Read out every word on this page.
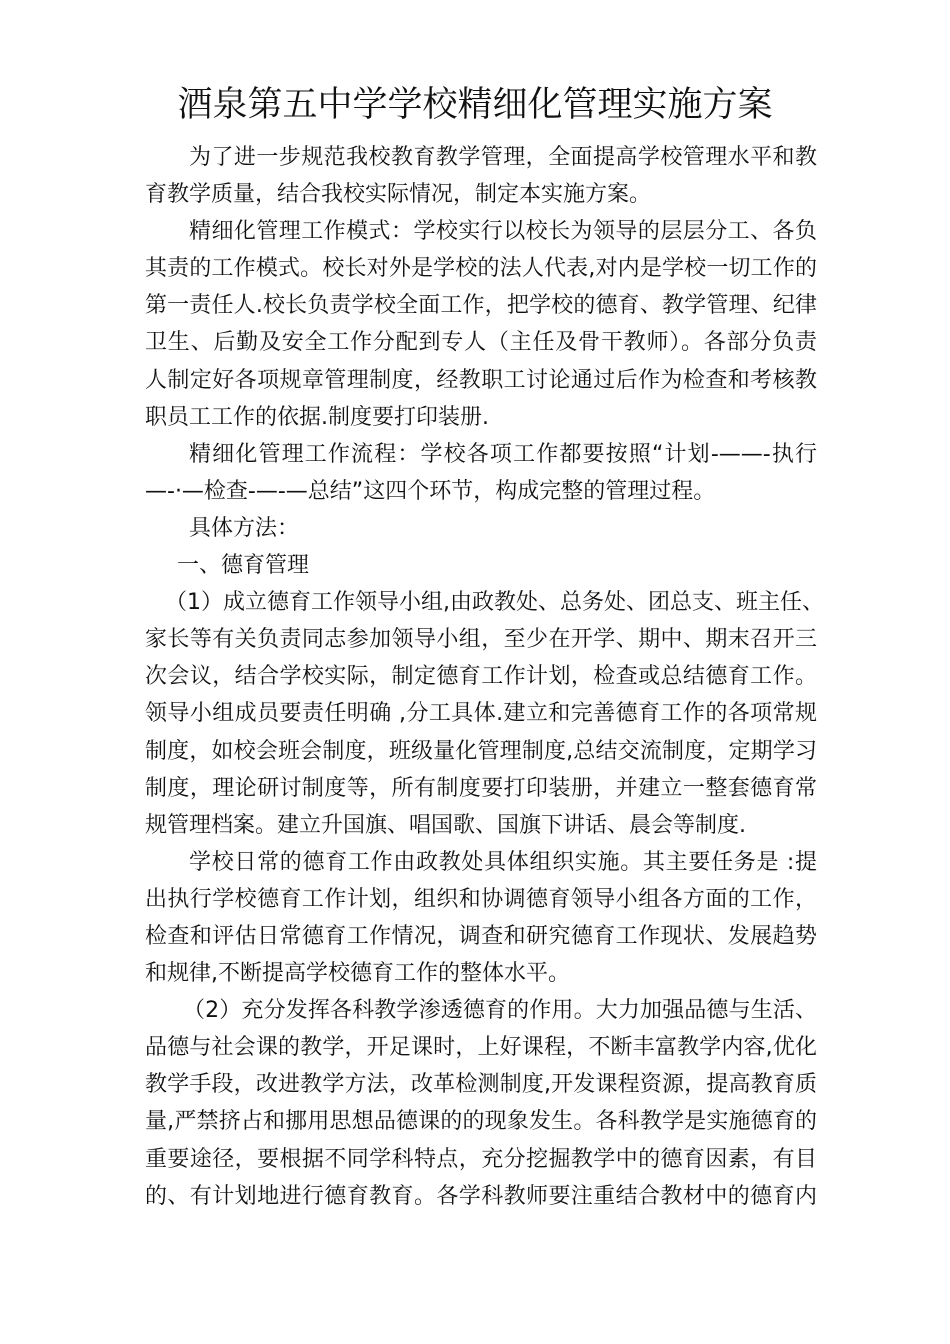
酒泉第五中学学校精细化管理实施方案
为了进一步规范我校教育教学管理，全面提高学校管理水平和教
育教学质量，结合我校实际情况，制定本实施方案。
精细化管理工作模式：学校实行以校长为领导的层层分工、各负
其责的工作模式。校长对外是学校的法人代表,对内是学校一切工作的
第一责任人.校长负责学校全面工作，把学校的德育、教学管理、纪律
卫生、后勤及安全工作分配到专人（主任及骨干教师）。各部分负责
人制定好各项规章管理制度，经教职工讨论通过后作为检查和考核教
职员工工作的依据.制度要打印装册.
精细化管理工作流程：学校各项工作都要按照“计划-——-执行
—-·—检查-—-—总结”这四个环节，构成完整的管理过程。
具体方法：
一、德育管理
（1）成立德育工作领导小组,由政教处、总务处、团总支、班主任、
家长等有关负责同志参加领导小组，至少在开学、期中、期末召开三
次会议，结合学校实际，制定德育工作计划，检查或总结德育工作。
领导小组成员要责任明确 ,分工具体.建立和完善德育工作的各项常规
制度，如校会班会制度，班级量化管理制度,总结交流制度，定期学习
制度，理论研讨制度等，所有制度要打印装册，并建立一整套德育常
规管理档案。建立升国旗、唱国歌、国旗下讲话、晨会等制度.
学校日常的德育工作由政教处具体组织实施。其主要任务是 :提
出执行学校德育工作计划，组织和协调德育领导小组各方面的工作，
检查和评估日常德育工作情况，调查和研究德育工作现状、发展趋势
和规律,不断提高学校德育工作的整体水平。
（2）充分发挥各科教学渗透德育的作用。大力加强品德与生活、
品德与社会课的教学，开足课时，上好课程，不断丰富教学内容,优化
教学手段，改进教学方法，改革检测制度,开发课程资源，提高教育质
量,严禁挤占和挪用思想品德课的的现象发生。各科教学是实施德育的
重要途径，要根据不同学科特点，充分挖掘教学中的德育因素，有目
的、有计划地进行德育教育。各学科教师要注重结合教材中的德育内
